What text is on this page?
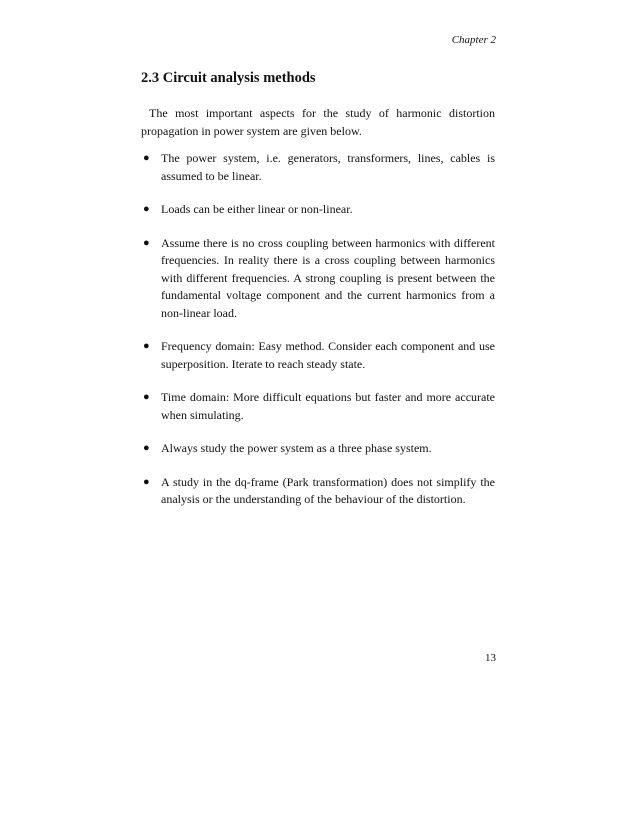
Chapter 2
2.3 Circuit analysis methods

The most important aspects for the study of harmonic distortion propagation in power system are given below.

● The power system, i.e. generators, transformers, lines, cables is assumed to be linear.
● Loads can be either linear or non-linear.
● Assume there is no cross coupling between harmonics with different frequencies. In reality there is a cross coupling between harmonics with different frequencies. A strong coupling is present between the fundamental voltage component and the current harmonics from a non-linear load.
● Frequency domain: Easy method. Consider each component and use superposition. Iterate to reach steady state.
● Time domain: More difficult equations but faster and more accurate when simulating.
● Always study the power system as a three phase system.
● A study in the dq-frame (Park transformation) does not simplify the analysis or the understanding of the behaviour of the distortion.
13
